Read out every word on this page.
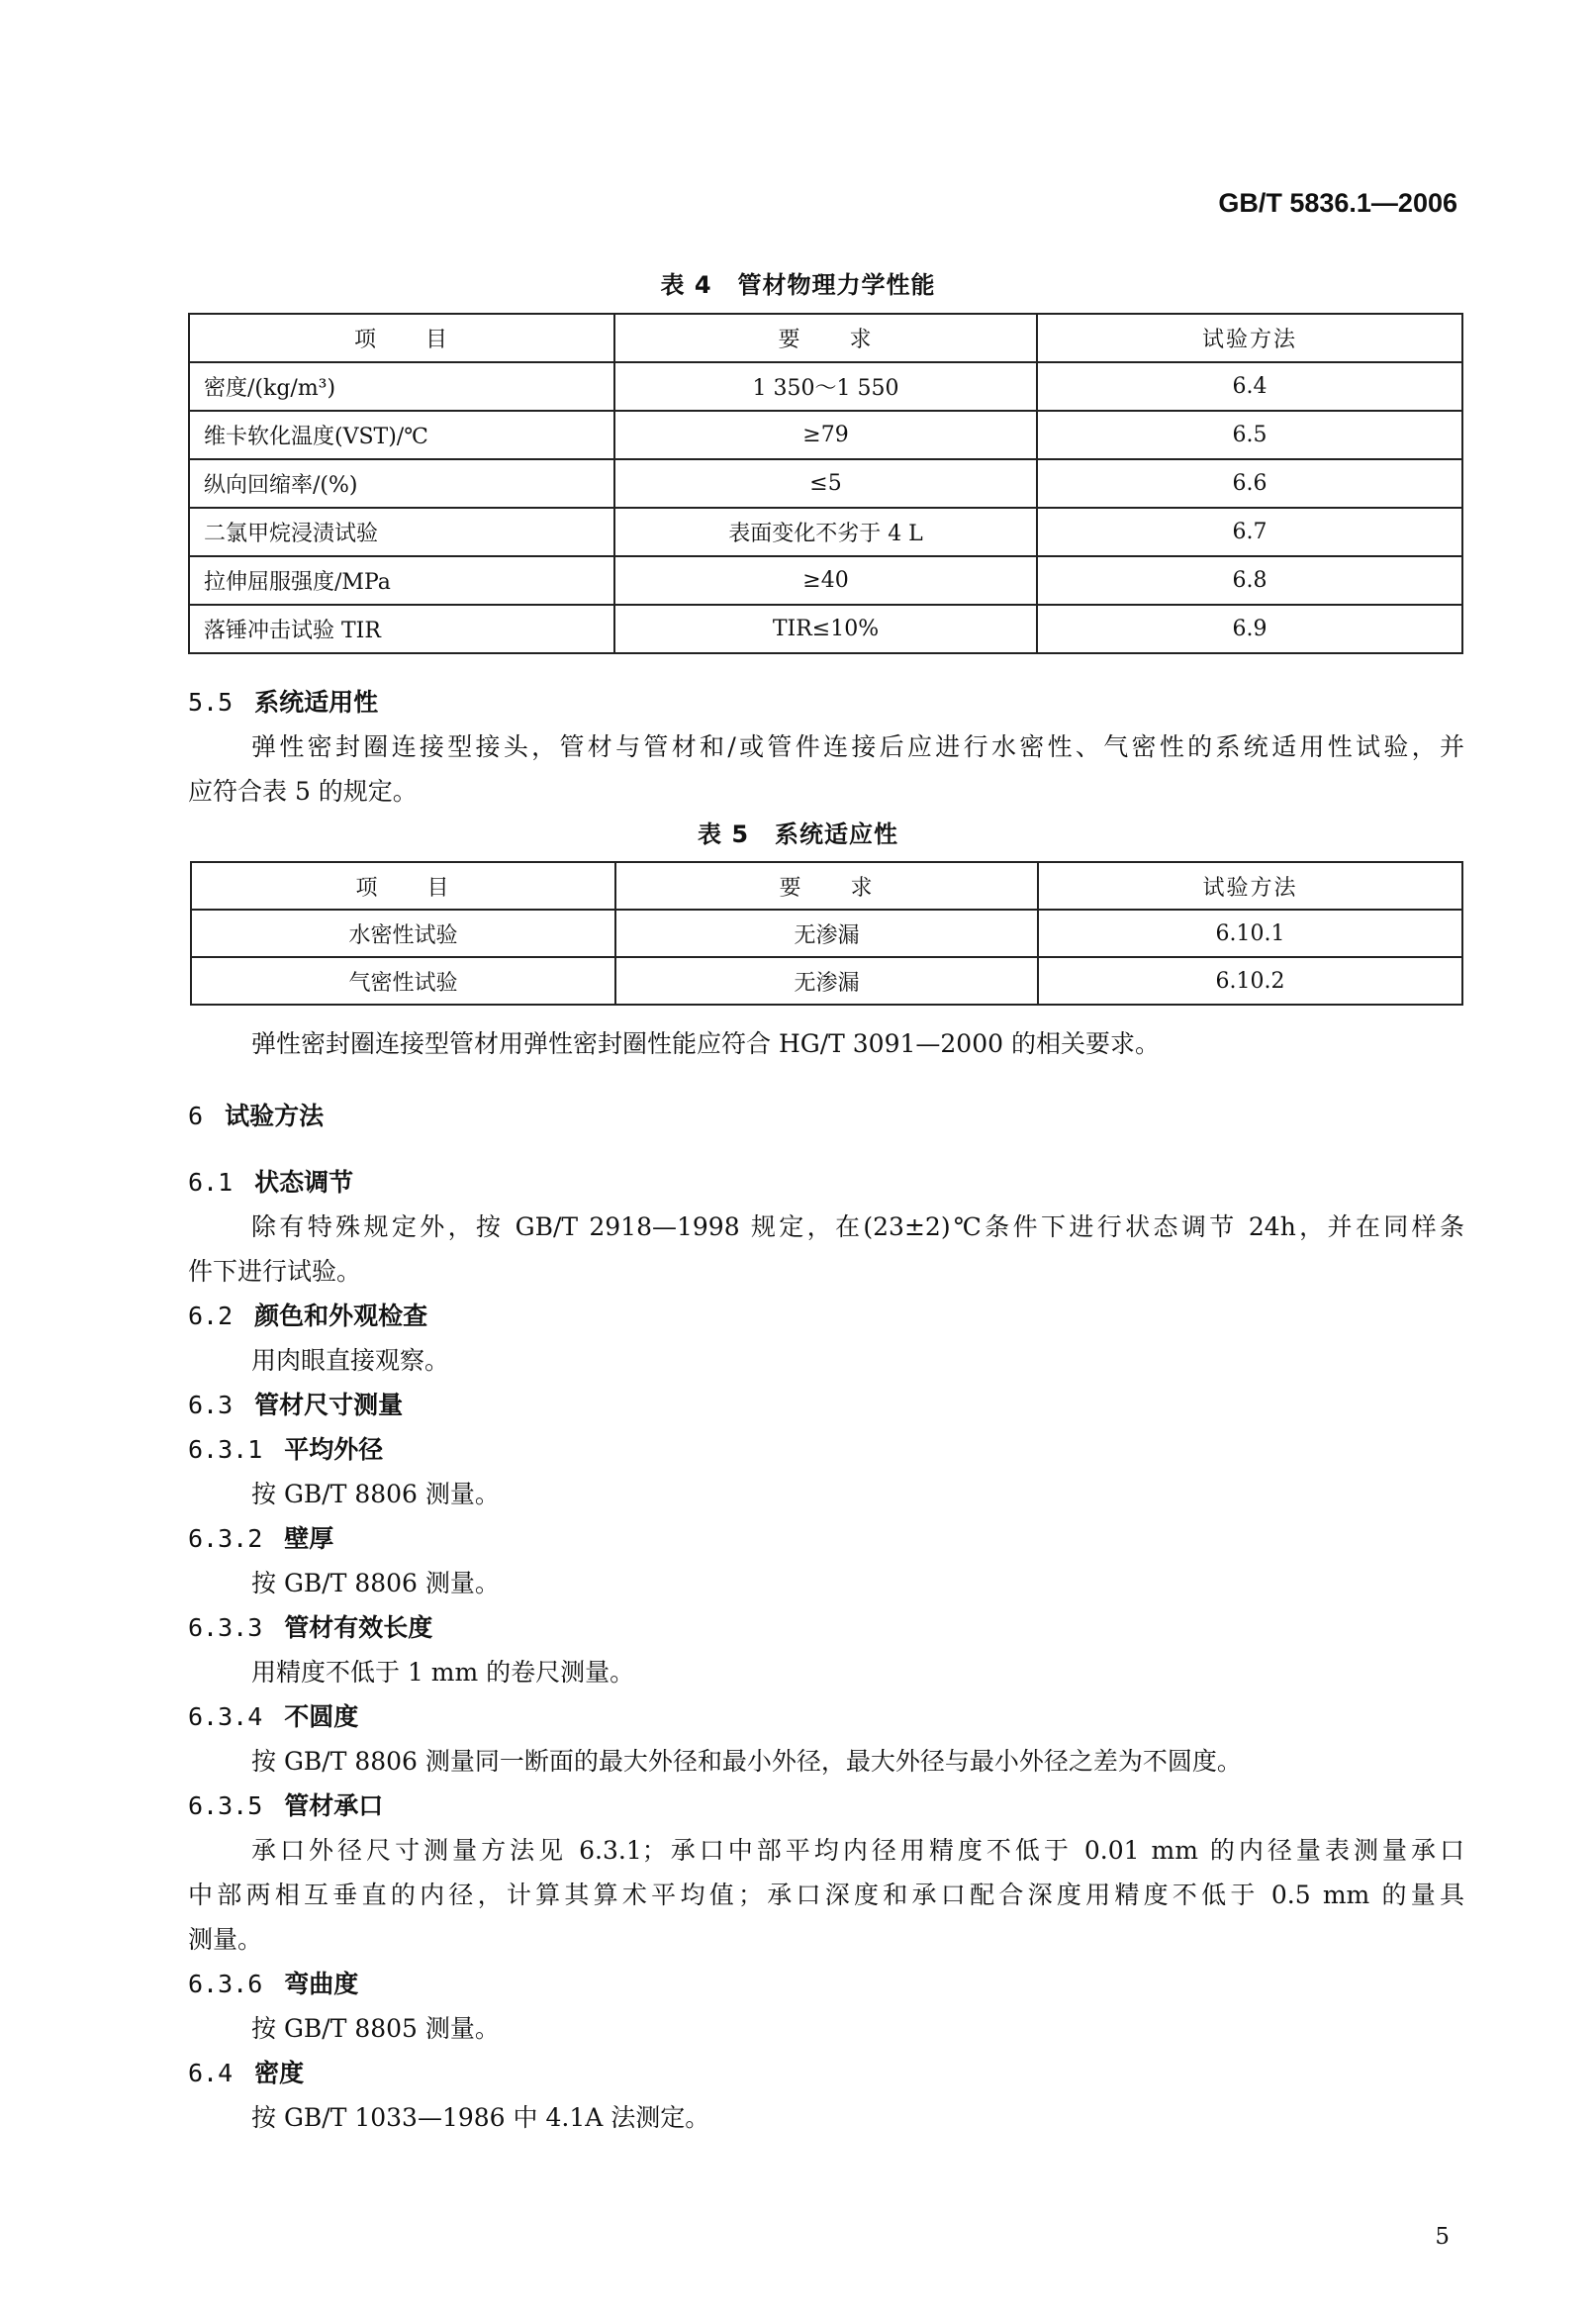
GB/T 5836.1—2006
表 4 管材物理力学性能
项　　目	要　　求	试验方法
密度/(kg/m³)	1 350～1 550	6.4
维卡软化温度(VST)/℃	≥79	6.5
纵向回缩率/(%)	≤5	6.6
二氯甲烷浸渍试验	表面变化不劣于 4 L	6.7
拉伸屈服强度/MPa	≥40	6.8
落锤冲击试验 TIR	TIR≤10%	6.9
5.5 系统适用性
弹性密封圈连接型接头，管材与管材和/或管件连接后应进行水密性、气密性的系统适用性试验，并
应符合表 5 的规定。
表 5 系统适应性
项　　目	要　　求	试验方法
水密性试验	无渗漏	6.10.1
气密性试验	无渗漏	6.10.2
弹性密封圈连接型管材用弹性密封圈性能应符合 HG/T 3091—2000 的相关要求。
6 试验方法
6.1 状态调节
除有特殊规定外，按 GB/T 2918—1998 规定，在(23±2)℃条件下进行状态调节 24h，并在同样条
件下进行试验。
6.2 颜色和外观检查
用肉眼直接观察。
6.3 管材尺寸测量
6.3.1 平均外径
按 GB/T 8806 测量。
6.3.2 壁厚
按 GB/T 8806 测量。
6.3.3 管材有效长度
用精度不低于 1 mm 的卷尺测量。
6.3.4 不圆度
按 GB/T 8806 测量同一断面的最大外径和最小外径，最大外径与最小外径之差为不圆度。
6.3.5 管材承口
承口外径尺寸测量方法见 6.3.1；承口中部平均内径用精度不低于 0.01 mm 的内径量表测量承口
中部两相互垂直的内径，计算其算术平均值；承口深度和承口配合深度用精度不低于 0.5 mm 的量具
测量。
6.3.6 弯曲度
按 GB/T 8805 测量。
6.4 密度
按 GB/T 1033—1986 中 4.1A 法测定。
5
